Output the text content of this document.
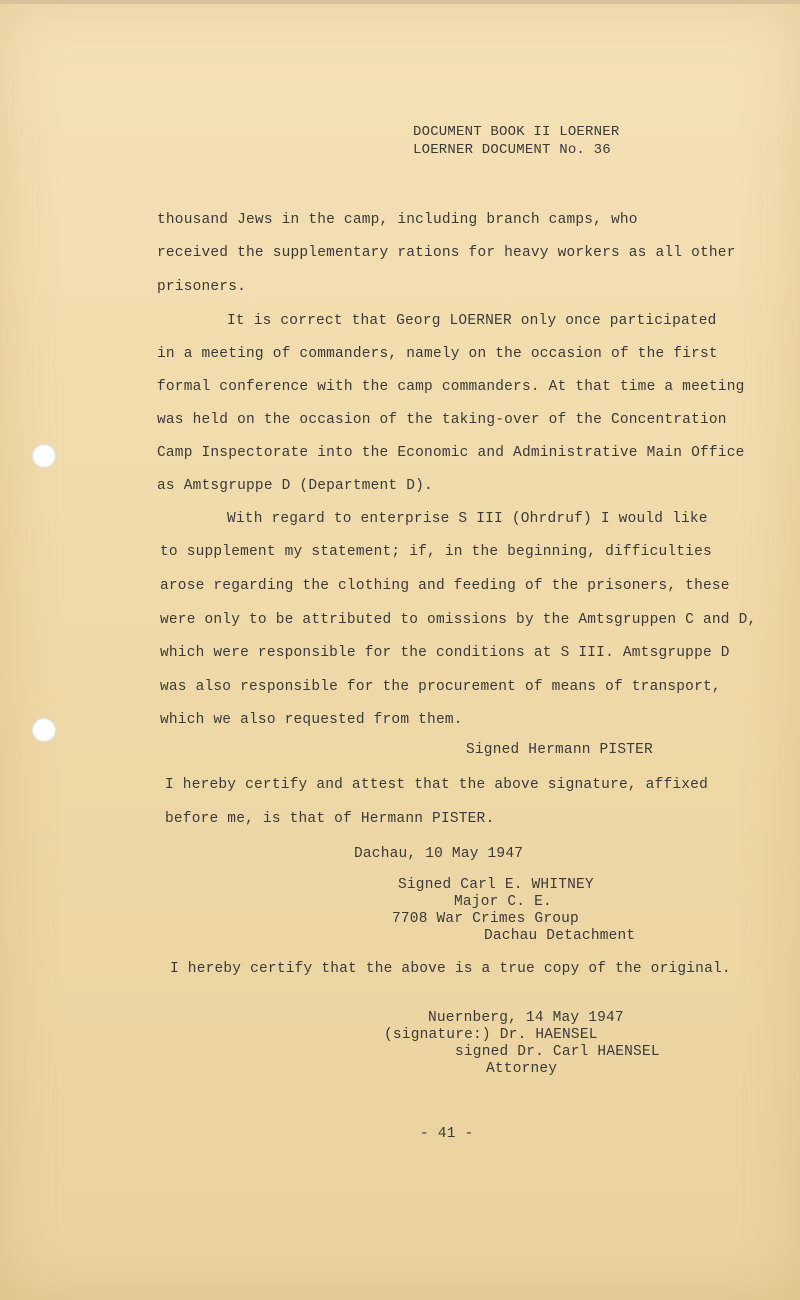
DOCUMENT BOOK II LOERNER
LOERNER DOCUMENT No. 36
thousand Jews in the camp, including branch camps, who
received the supplementary rations for heavy workers as all other
prisoners.
It is correct that Georg LOERNER only once participated
in a meeting of commanders, namely on the occasion of the first
formal conference with the camp commanders. At that time a meeting
was held on the occasion of the taking-over of the Concentration
Camp Inspectorate into the Economic and Administrative Main Office
as Amtsgruppe D (Department D).
With regard to enterprise S III (Ohrdruf) I would like
to supplement my statement; if, in the beginning, difficulties
arose regarding the clothing and feeding of the prisoners, these
were only to be attributed to omissions by the Amtsgruppen C and D,
which were responsible for the conditions at S III. Amtsgruppe D
was also responsible for the procurement of means of transport,
which we also requested from them.
Signed Hermann PISTER
I hereby certify and attest that the above signature, affixed
before me, is that of Hermann PISTER.
Dachau, 10 May 1947
Signed Carl E. WHITNEY
Major C. E.
7708 War Crimes Group
Dachau Detachment
I hereby certify that the above is a true copy of the original.
Nuernberg, 14 May 1947
(signature:) Dr. HAENSEL
signed Dr. Carl HAENSEL
Attorney
- 41 -
